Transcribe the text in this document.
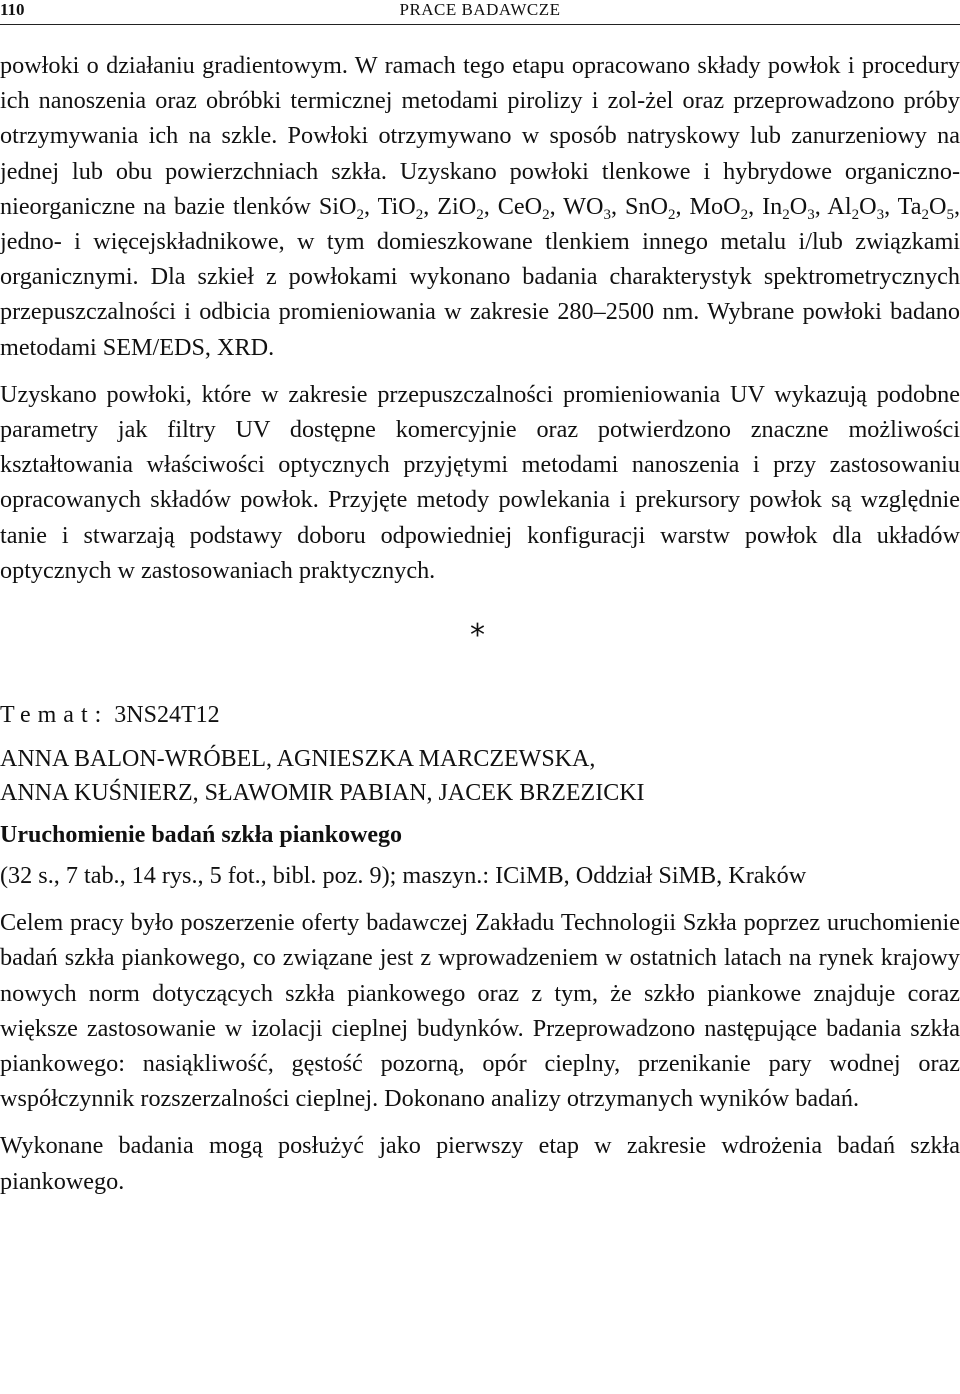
110	PRACE BADAWCZE

powłoki o działaniu gradientowym. W ramach tego etapu opracowano składy powłok i procedury ich nanoszenia oraz obróbki termicznej metodami pirolizy i zol-żel oraz przeprowadzono próby otrzymywania ich na szkle. Powłoki otrzymywano w sposób natryskowy lub zanurzeniowy na jednej lub obu powierzchniach szkła. Uzyskano powłoki tlenkowe i hybrydowe organiczno-nieorganiczne na bazie tlenków SiO$_2$, TiO$_2$, ZiO$_2$, CeO$_2$, $WO_3$, SnO$_2$, MoO$_2$, $In_2O_3$, $Al_2O_3$, $Ta_2O_5$, jedno- i więcejskładnikowe, w tym domieszkowane tlenkiem innego metalu i/lub związkami organicznymi. Dla szkieł z powłokami wykonano badania charakterystyk spektrometrycznych przepuszczalności i odbicia promieniowania w zakresie 280–2500 nm. Wybrane powłoki badano metodami SEM/EDS, XRD.

Uzyskano powłoki, które w zakresie przepuszczalności promieniowania UV wykazują podobne parametry jak filtry UV dostępne komercyjnie oraz potwierdzono znaczne możliwości kształtowania właściwości optycznych przyjętymi metodami nanoszenia i przy zastosowaniu opracowanych składów powłok. Przyjęte metody powlekania i prekursory powłok są względnie tanie i stwarzają podstawy doboru odpowiedniej konfiguracji warstw powłok dla układów optycznych w zastosowaniach praktycznych.

*
Temat: 3NS24T12
ANNA BALON-WRÓBEL, AGNIESZKA MARCZEWSKA,
ANNA KUŚNIERZ, SŁAWOMIR PABIAN, JACEK BRZEZICKI
Uruchomienie badań szkła piankowego

(32 s., 7 tab., 14 rys., 5 fot., bibl. poz. 9); maszyn.: ICiMB, Oddział SiMB, Kraków

Celem pracy było poszerzenie oferty badawczej Zakładu Technologii Szkła poprzez uruchomienie badań szkła piankowego, co związane jest z wprowadzeniem w ostatnich latach na rynek krajowy nowych norm dotyczących szkła piankowego oraz z tym, że szkło piankowe znajduje coraz większe zastosowanie w izolacji cieplnej budynków. Przeprowadzono następujące badania szkła piankowego: nasiąkliwość, gęstość pozorną, opór cieplny, przenikanie pary wodnej oraz współczynnik rozszerzalności cieplnej. Dokonano analizy otrzymanych wyników badań.

Wykonane badania mogą posłużyć jako pierwszy etap w zakresie wdrożenia badań szkła piankowego.
